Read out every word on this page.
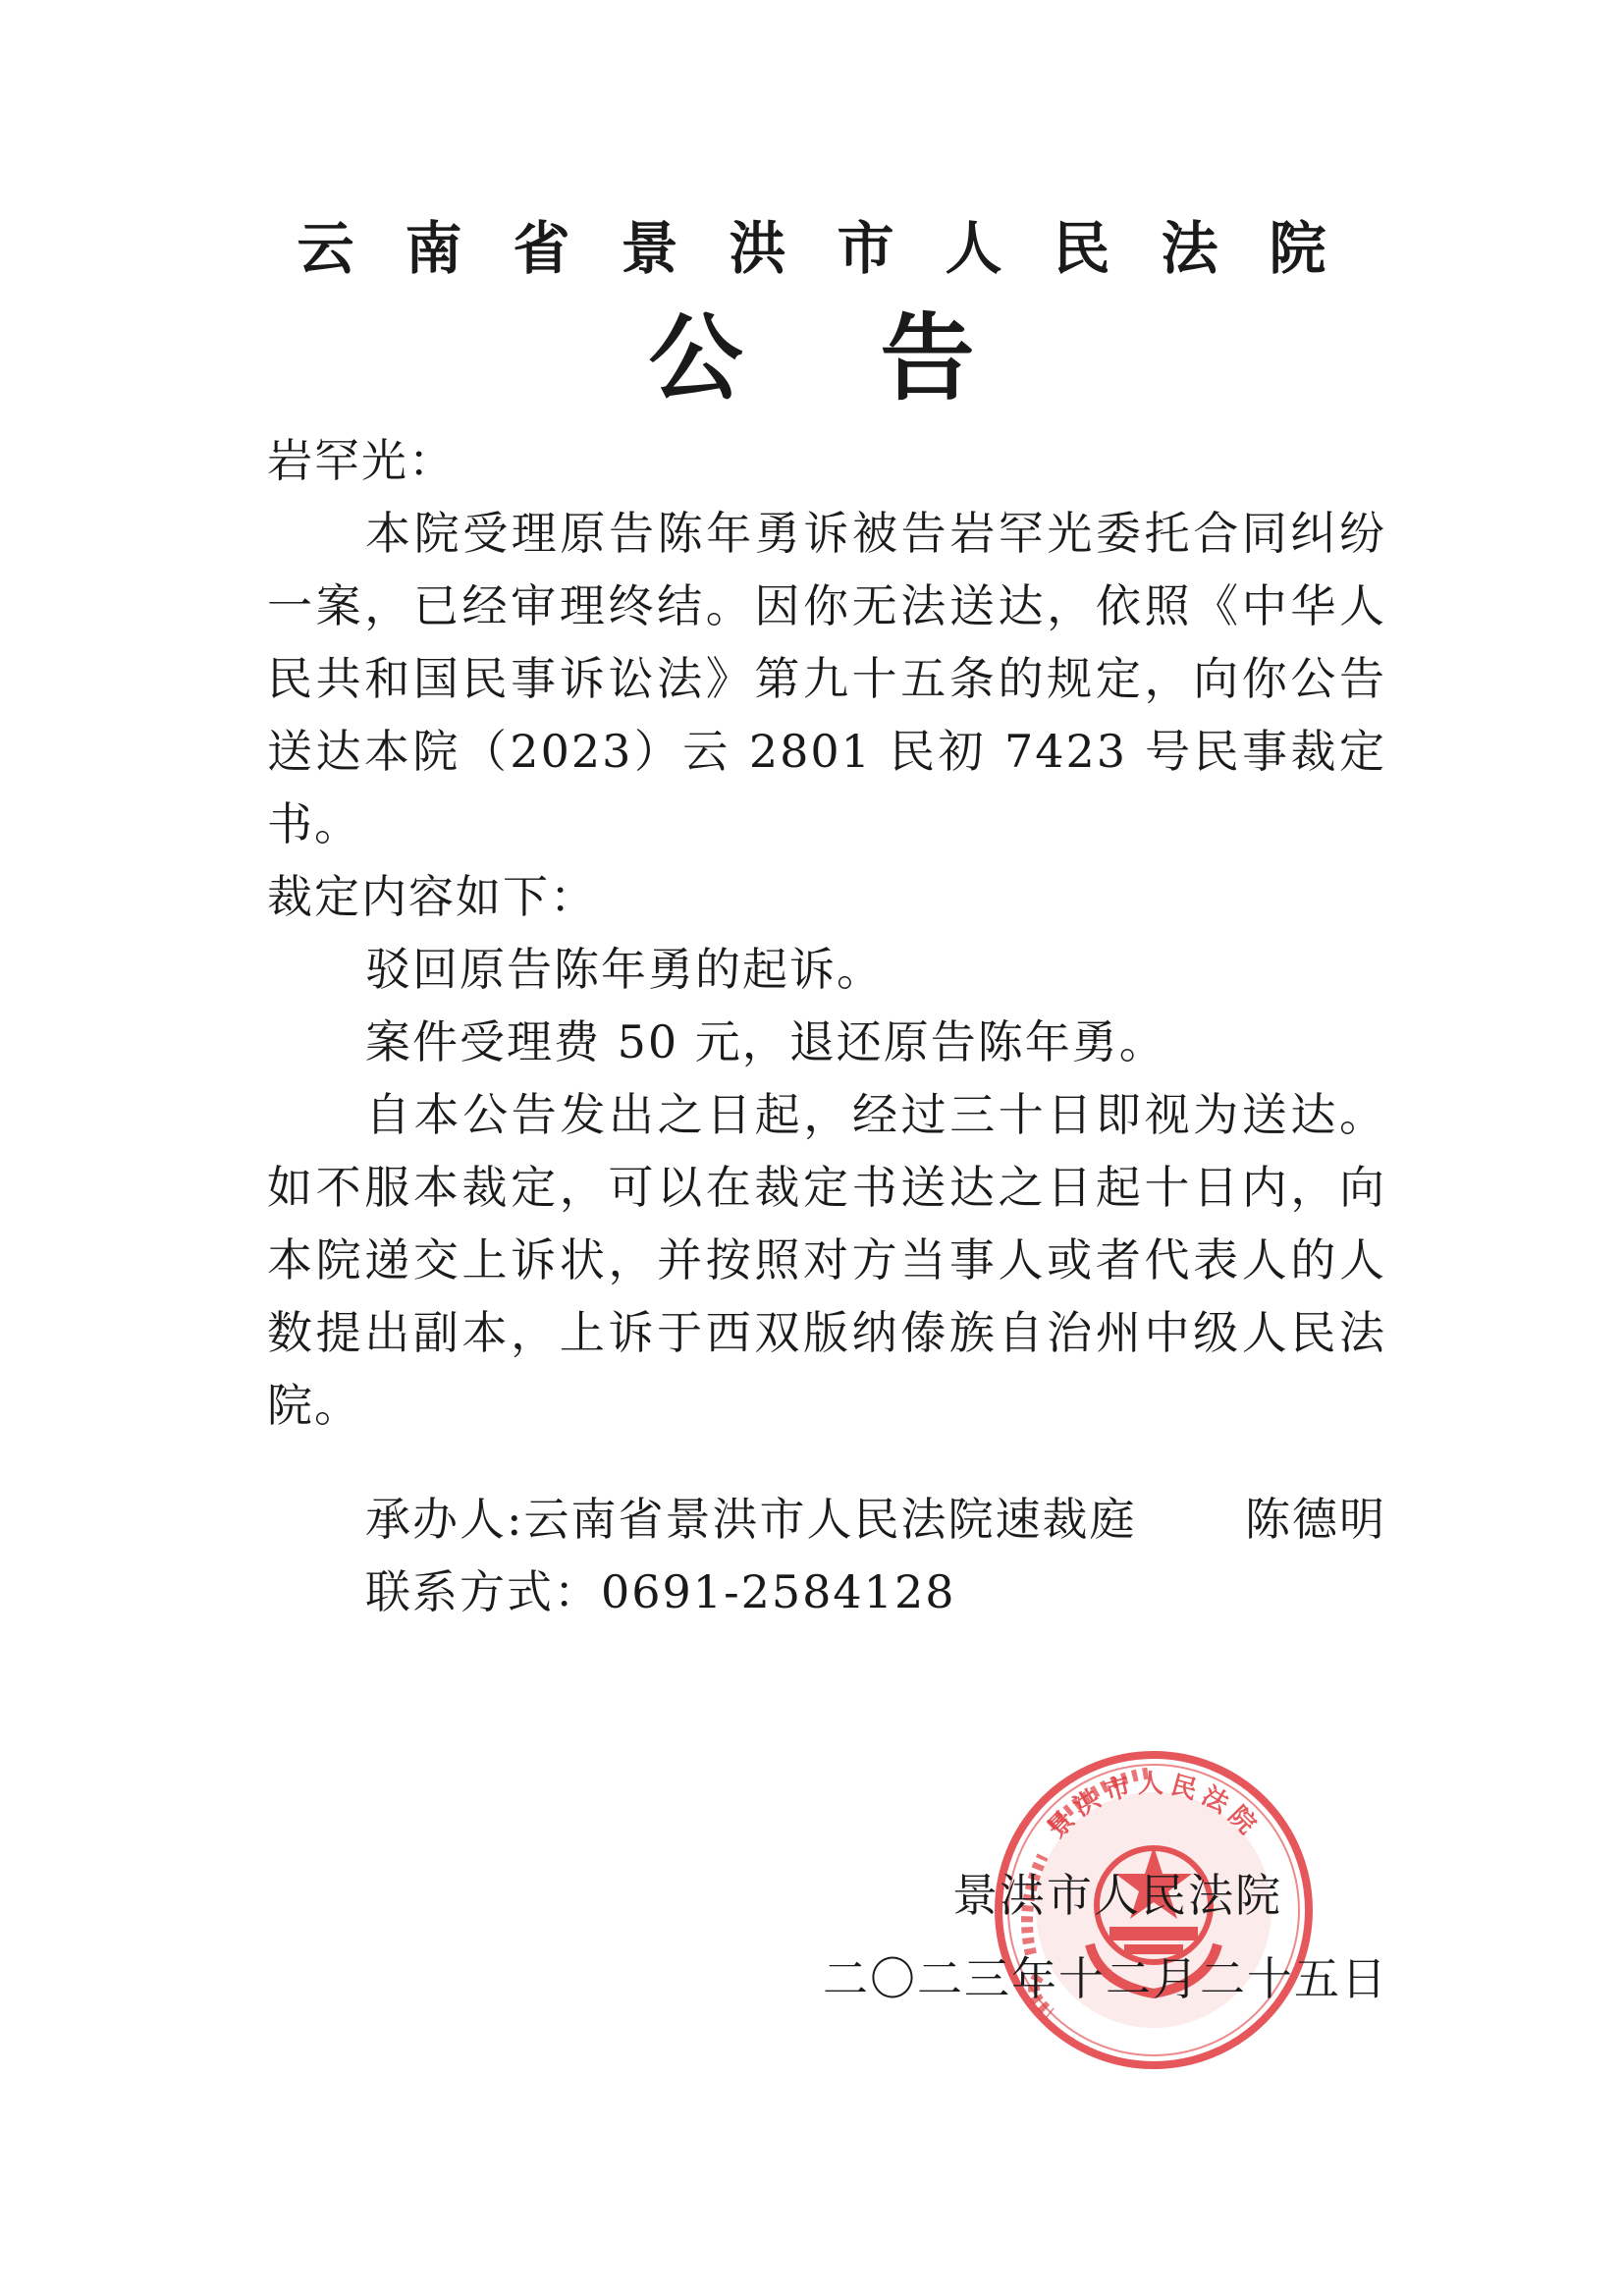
云南省景洪市人民法院
公告
岩罕光：

本院受理原告陈年勇诉被告岩罕光委托合同纠纷一案，已经审理终结。因你无法送达，依照《中华人民共和国民事诉讼法》第九十五条的规定，向你公告送达本院（2023）云 2801 民初 7423 号民事裁定书。

裁定内容如下：

驳回原告陈年勇的起诉。

案件受理费 50 元，退还原告陈年勇。

自本公告发出之日起，经过三十日即视为送达。如不服本裁定，可以在裁定书送达之日起十日内，向本院递交上诉状，并按照对方当事人或者代表人的人数提出副本，上诉于西双版纳傣族自治州中级人民法院。

承办人:云南省景洪市人民法院速裁庭 陈德明
联系方式：0691-2584128
景洪市人民法院
景洪市人民法院
二〇二三年十二月二十五日
